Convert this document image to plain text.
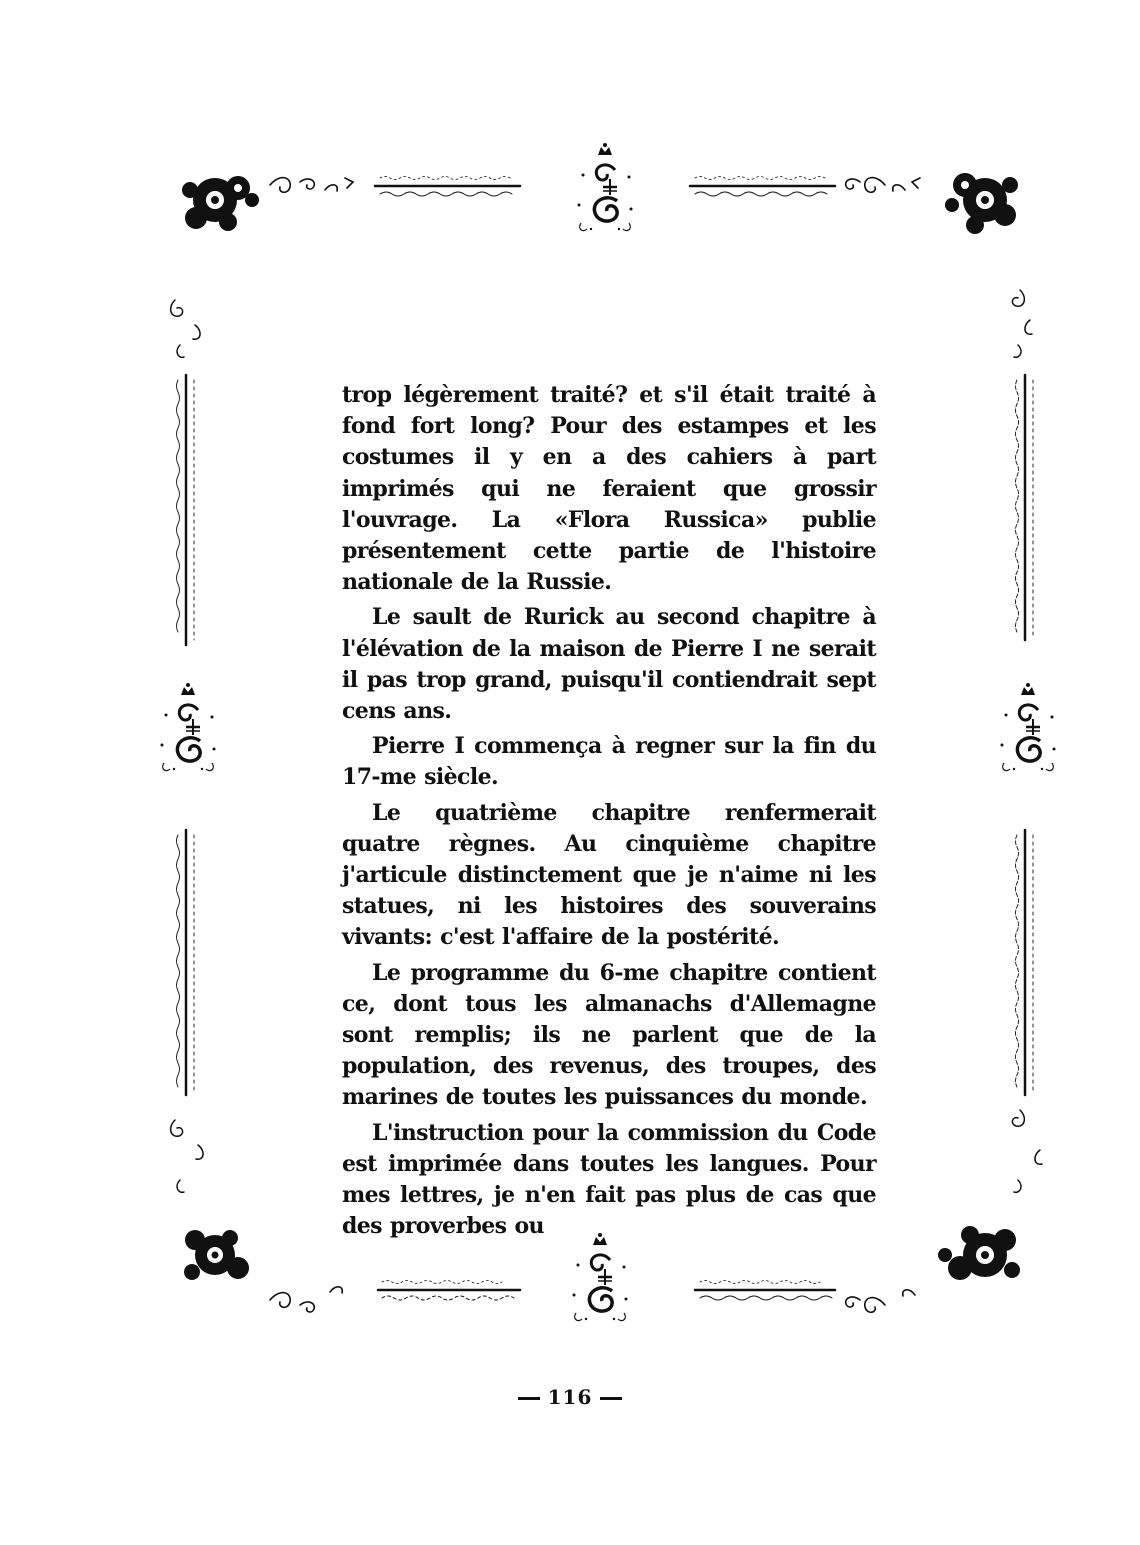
trop légèrement traité? et s'il était traité à fond fort long? Pour des estampes et les costumes il y en a des cahiers à part imprimés qui ne feraient que grossir l'ouvrage. La «Flora Russica» publie présentement cette partie de l'histoire nationale de la Russie.

Le sault de Rurick au second chapitre à l'élévation de la maison de Pierre I ne serait il pas trop grand, puisqu'il contiendrait sept cens ans.

Pierre I commença à regner sur la fin du 17-me siècle.

Le quatrième chapitre renfermerait quatre règnes. Au cinquième chapitre j'articule distinctement que je n'aime ni les statues, ni les histoires des souverains vivants: c'est l'affaire de la postérité.

Le programme du 6-me chapitre contient ce, dont tous les almanachs d'Allemagne sont remplis; ils ne parlent que de la population, des revenus, des troupes, des marines de toutes les puissances du monde.

L'instruction pour la commission du Code est imprimée dans toutes les langues. Pour mes lettres, je n'en fait pas plus de cas que des proverbes ou

116
